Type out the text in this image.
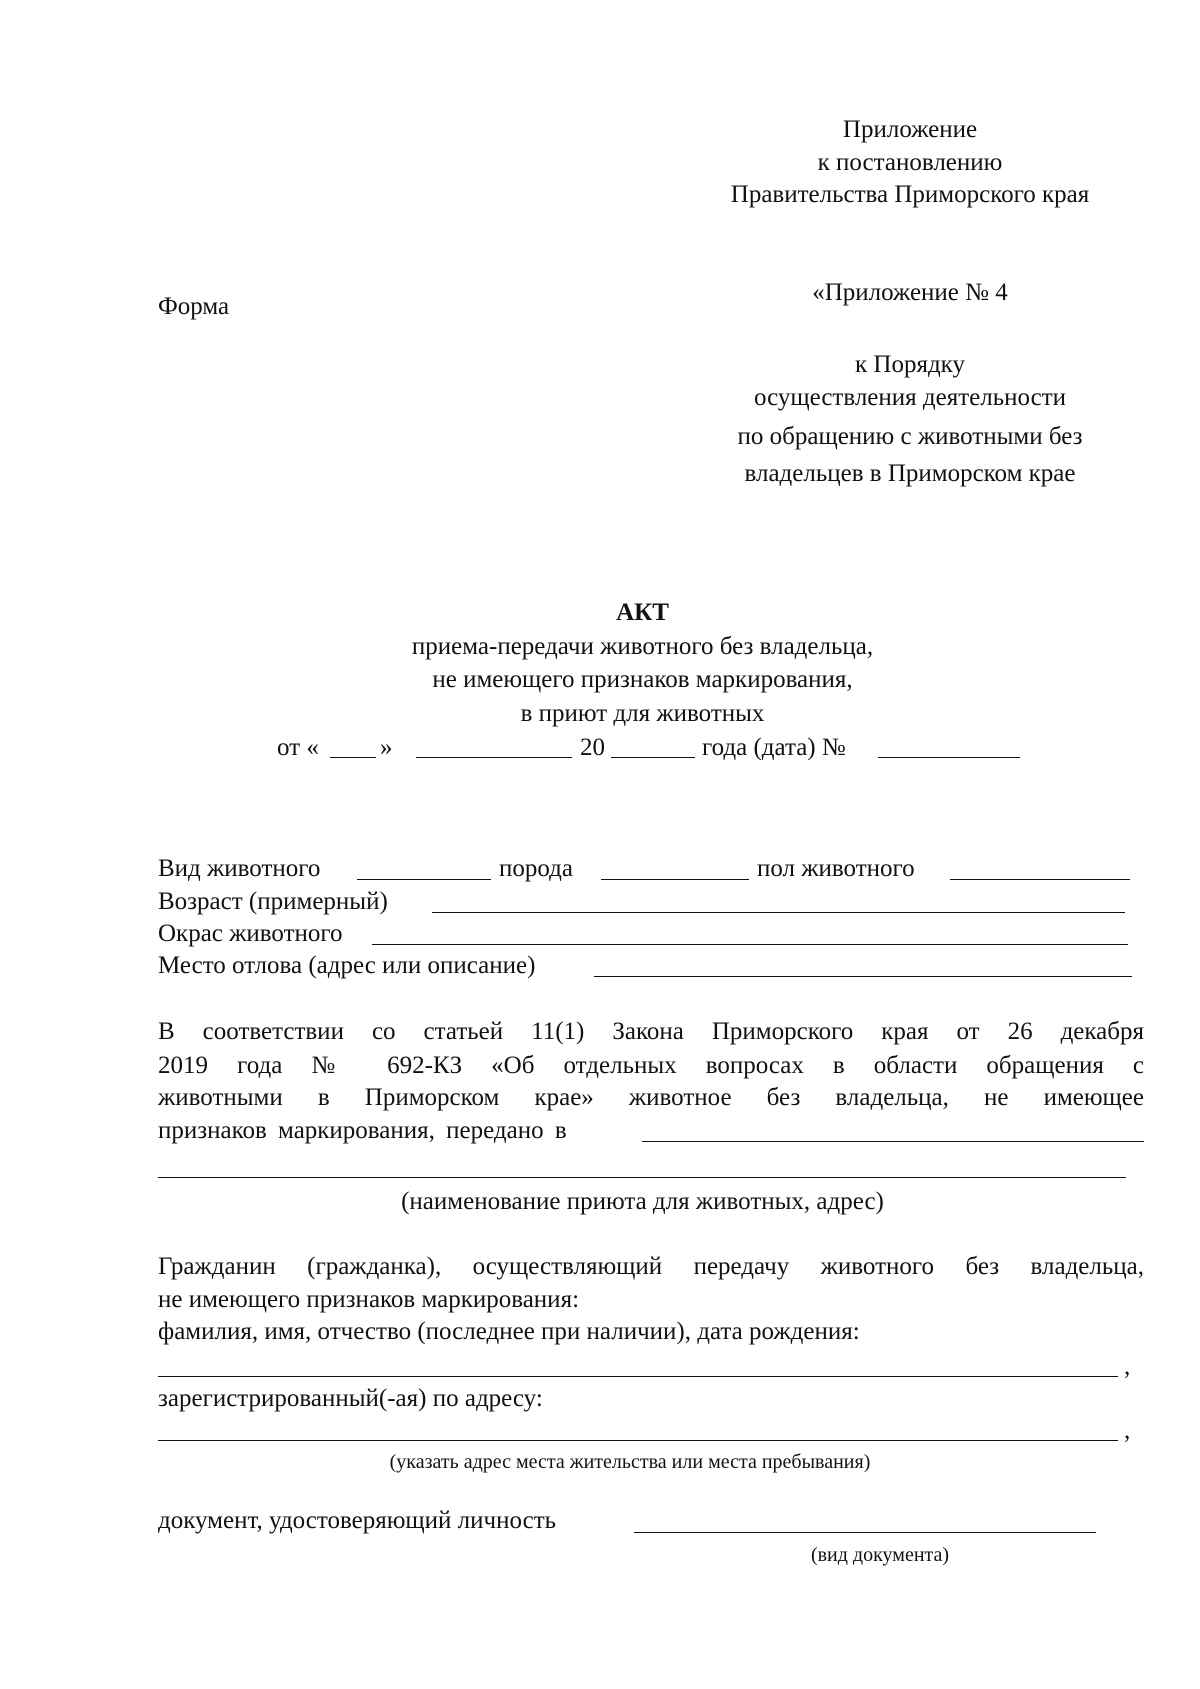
Приложение
к постановлению
Правительства Приморского края
Форма
«Приложение № 4
к Порядку
осуществления деятельности
по обращению с животными без
владельцев в Приморском крае
АКТ
приема-передачи животного без владельца,
не имеющего признаков маркирования,
в приют для животных
от « »	20	года (дата) №
Вид животного	порода	пол животного
Возраст (примерный)
Окрас животного
Место отлова (адрес или описание)
В соответствии со статьей 11(1) Закона Приморского края от 26 декабря
2019 года № 692-КЗ «Об отдельных вопросах в области обращения с
животными в Приморском крае» животное без владельца, не имеющее
признаков маркирования, передано в
(наименование приюта для животных, адрес)
Гражданин (гражданка), осуществляющий передачу животного без владельца,
не имеющего признаков маркирования:
фамилия, имя, отчество (последнее при наличии), дата рождения:
,
зарегистрированный(-ая) по адресу:
,
(указать адрес места жительства или места пребывания)
документ, удостоверяющий личность
(вид документа)
